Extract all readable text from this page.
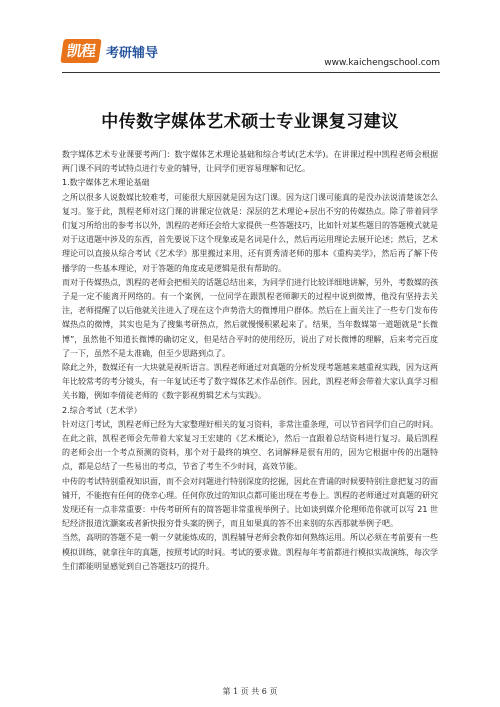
凯程 考研辅导
www.kaichengschool.com
中传数字媒体艺术硕士专业课复习建议

数字媒体艺术专业课要考两门：数字媒体艺术理论基础和综合考试(艺术学)。在讲课过程中凯程老师会根据两门课不同的考试特点进行专业的辅导，让同学们更容易理解和记忆。

1.数字媒体艺术理论基础

之所以很多人说数媒比较难考，可能很大原因就是因为这门课。因为这门课可能真的是没办法说清楚该怎么复习。鉴于此，凯程老师对这门课的讲课定位就是：深层的艺术理论+层出不穷的传媒热点。除了带着同学们复习所给出的参考书以外，凯程的老师还会给大家提供一些答题技巧，比如针对某些题目的答题模式就是对于这道题中涉及的东西，首先要说下这个现象或是名词是什么，然后再运用理论去展开论述；然后，艺术理论可以直接从综合考试《艺术学》那里搬过来用，还有贾秀清老师的那本《重构美学》，然后再了解下传播学的一些基本理论，对于答题的角度或是逻辑是很有帮助的。

而对于传媒热点，凯程的老师会把相关的话题总结出来，为同学们进行比较详细地讲解，另外，考数媒的孩子是一定不能离开网络的。有一个案例，一位同学在跟凯程老师聊天的过程中说到微博，他没有坚持去关注，老师提醒了以后他就关注进入了现在这个声势浩大的微博用户群体。然后在上面关注了一些专门发布传媒热点的微博，其实也是为了搜集考研热点，然后就慢慢积累起来了。结果，当年数媒第一道题就是“长微博”，虽然他不知道长微博的确切定义，但是结合平时的使用经历，说出了对长微博的理解，后来考完百度了一下，虽然不是太准确，但至少思路到点了。

除此之外，数媒还有一大块就是视听语言。凯程老师通过对真题的分析发现考题越来越重视实践，因为这两年比较常考的考分镜头，有一年复试还考了数字媒体艺术作品创作。因此，凯程老师会带着大家认真学习相关书籍，例如李倩徒老师的《数字影视剪辑艺术与实践》。

2.综合考试（艺术学）

针对这门考试，凯程老师已经为大家整理好相关的复习资料，非常注重条理，可以节省同学们自己的时间。在此之前，凯程老师会先带着大家复习王宏建的《艺术概论》，然后一直跟着总结资料进行复习。最后凯程的老师会出一个考点预测的资料，那个对于最终的填空、名词解释是很有用的，因为它根据中传的出题特点，都是总结了一些易出的考点，节省了考生不少时间，高效节能。

中传的考试特别重视知识面，而不会对问题进行特别深度的挖掘，因此在背诵的时候要特别注意把复习的面铺开，不能抱有任何的侥幸心理。任何你放过的知识点都可能出现在考卷上。凯程的老师通过对真题的研究发现还有一点非常重要：中传考研所有的简答题非常重视举例子。比如谈到媒介伦理师范你就可以写 21 世纪经济报道沈灏案或者新快报穷骨头案的例子，而且如果真的答不出来别的东西那就举例子吧。

当然，高明的答题不是一朝一夕就能炼成的，凯程辅导老师会教你如何熟练运用。所以必须在考前要有一些模拟训练，就拿往年的真题，按照考试的时间。考试的要求做。凯程每年考前都进行模拟实战演练，每次学生们都能明显感觉到自己答题技巧的提升。

第 1 页 共 6 页
